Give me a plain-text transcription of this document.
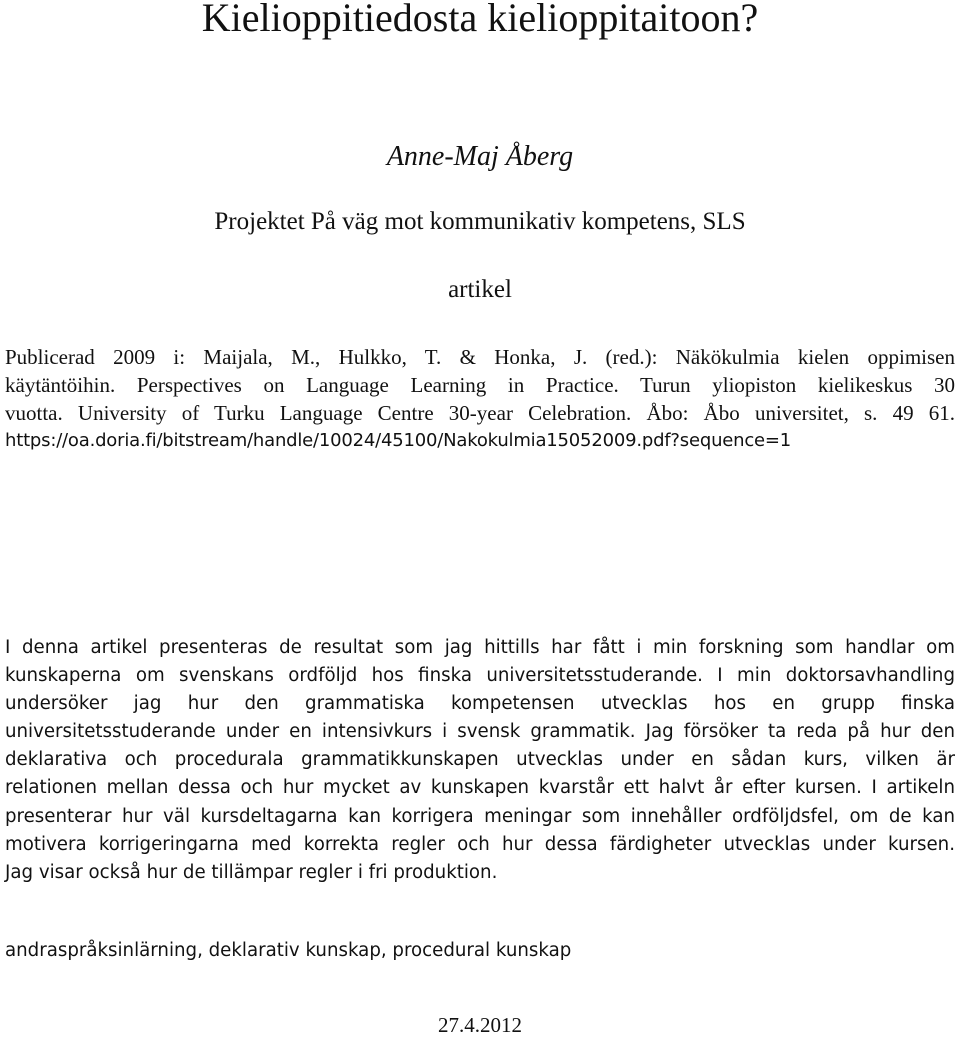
Kielioppitiedosta kielioppitaitoon?
Anne-Maj Åberg
Projektet På väg mot kommunikativ kompetens, SLS
artikel
Publicerad 2009 i: Maijala, M., Hulkko, T. & Honka, J. (red.): Näkökulmia kielen oppimisen
käytäntöihin. Perspectives on Language Learning in Practice. Turun yliopiston kielikeskus 30
vuotta. University of Turku Language Centre 30-year Celebration. Åbo: Åbo universitet, s. 49 61.
https://oa.doria.fi/bitstream/handle/10024/45100/Nakokulmia15052009.pdf?sequence=1
I denna artikel presenteras de resultat som jag hittills har fått i min forskning som handlar om
kunskaperna om svenskans ordföljd hos finska universitetsstuderande. I min doktorsavhandling
undersöker jag hur den grammatiska kompetensen utvecklas hos en grupp finska
universitetsstuderande under en intensivkurs i svensk grammatik. Jag försöker ta reda på hur den
deklarativa och procedurala grammatikkunskapen utvecklas under en sådan kurs, vilken är
relationen mellan dessa och hur mycket av kunskapen kvarstår ett halvt år efter kursen. I artikeln
presenterar hur väl kursdeltagarna kan korrigera meningar som innehåller ordföljdsfel, om de kan
motivera korrigeringarna med korrekta regler och hur dessa färdigheter utvecklas under kursen.
Jag visar också hur de tillämpar regler i fri produktion.
andraspråksinlärning, deklarativ kunskap, procedural kunskap
27.4.2012
